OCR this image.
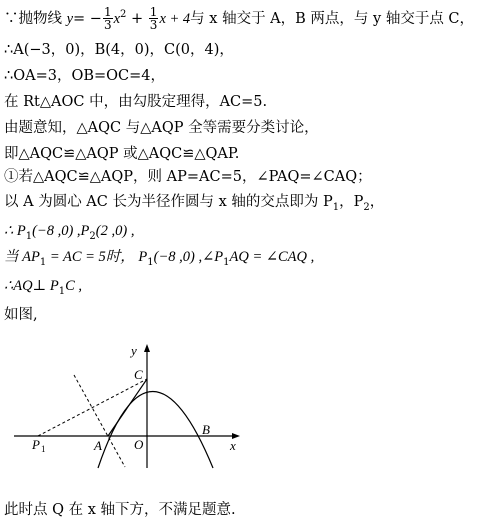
∵抛物线 $y= - \frac{1}{3} x^2 + \frac{1}{3}$ x + 4与 x 轴交于 A，B 两点，与 y 轴交于点 C，
∴A(−3，0)，B(4，0)，C(0，4)，
∴OA=3，OB=OC=4，
在 Rt△AOC 中，由勾股定理得，AC=5.
由题意知，△AQC 与△AQP 全等需要分类讨论，
即△AQC≌△AQP 或△AQC≌△QAP.
①若△AQC≌△AQP，则 AP=AC=5，∠PAQ=∠CAQ；
以 A 为圆心 AC 长为半径作圆与 x 轴的交点即为 $P_1$，$P_2$，
∴ $P_1(-8$ ,0) $,P_2(2$ ,0) ,
当 $AP_1$ = AC = 5时， $P_1(-8$ ,0) $,\angle P_1AQ$ = ∠CAQ ,
∴AQ⊥ $P_1C$ ,
如图,
y
x
C
A O
B
P 1
此时点 Q 在 x 轴下方，不满足题意.
